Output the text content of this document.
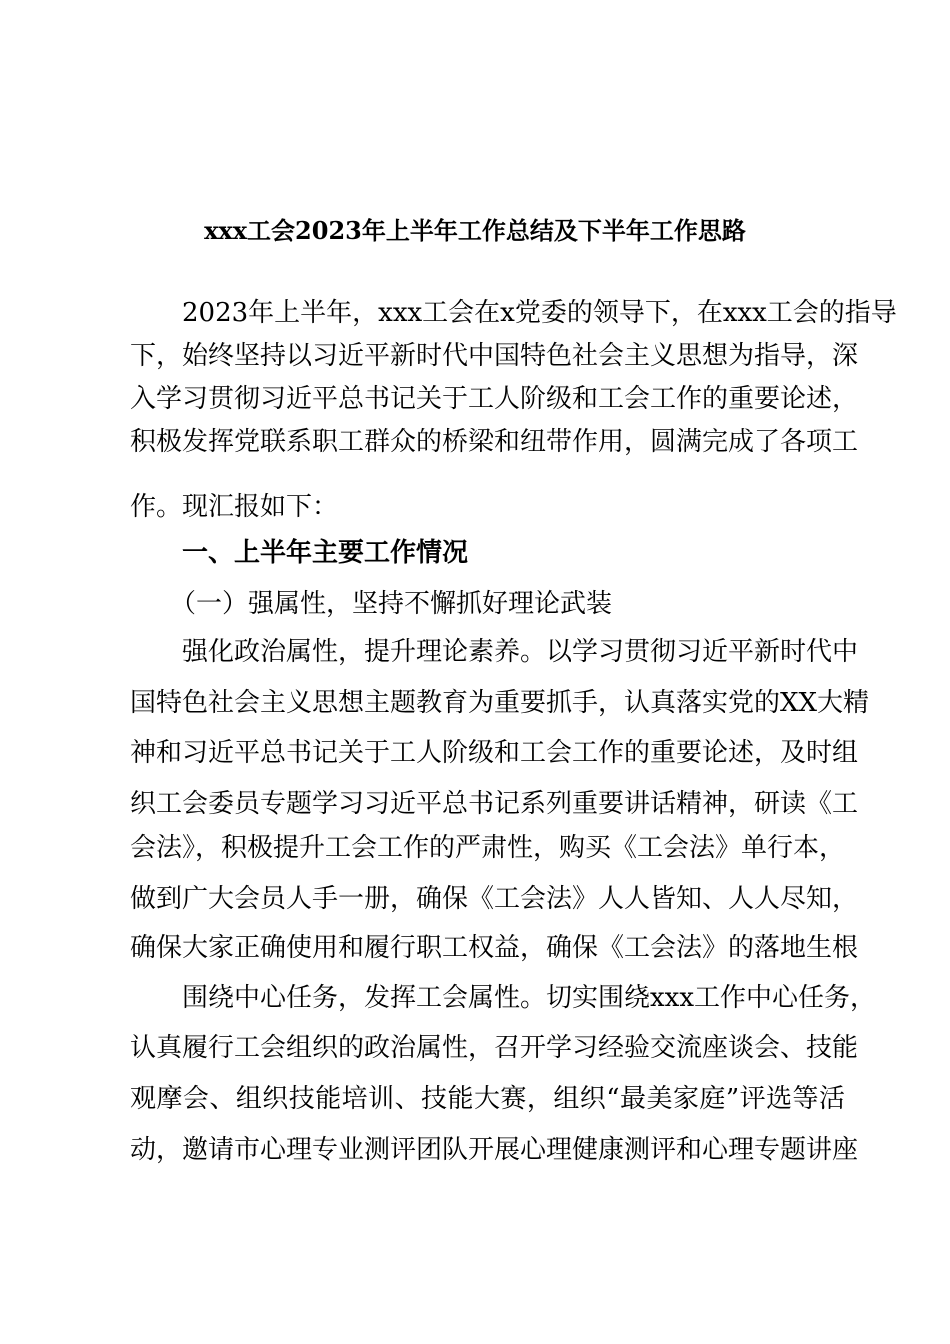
xxx工会2023年上半年工作总结及下半年工作思路
2023年上半年，xxx工会在x党委的领导下，在xxx工会的指导
下，始终坚持以习近平新时代中国特色社会主义思想为指导，深
入学习贯彻习近平总书记关于工人阶级和工会工作的重要论述，
积极发挥党联系职工群众的桥梁和纽带作用，圆满完成了各项工
作。现汇报如下：
一、上半年主要工作情况
（一）强属性，坚持不懈抓好理论武装
强化政治属性，提升理论素养。以学习贯彻习近平新时代中
国特色社会主义思想主题教育为重要抓手，认真落实党的XX大精
神和习近平总书记关于工人阶级和工会工作的重要论述，及时组
织工会委员专题学习习近平总书记系列重要讲话精神，研读《工
会法》，积极提升工会工作的严肃性，购买《工会法》单行本，
做到广大会员人手一册，确保《工会法》人人皆知、人人尽知，
确保大家正确使用和履行职工权益，确保《工会法》的落地生根
围绕中心任务，发挥工会属性。切实围绕xxx工作中心任务，
认真履行工会组织的政治属性，召开学习经验交流座谈会、技能
观摩会、组织技能培训、技能大赛，组织“最美家庭”评选等活
动，邀请市心理专业测评团队开展心理健康测评和心理专题讲座
